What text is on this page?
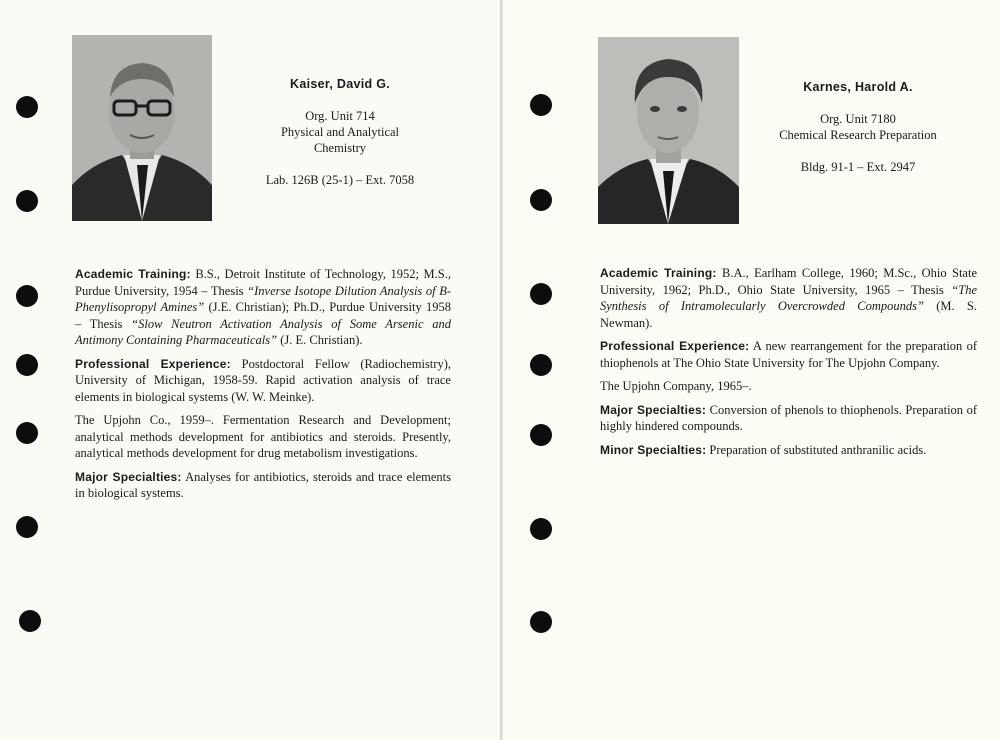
Kaiser, David G.
Org. Unit 714
Physical and Analytical
Chemistry
Lab. 126B (25-1) – Ext. 7058

Academic Training: B.S., Detroit Institute of Technology, 1952; M.S., Purdue University, 1954 – Thesis “Inverse Isotope Dilution Analysis of B-Phenylisopropyl Amines” (J.E. Christian); Ph.D., Purdue University 1958 – Thesis “Slow Neutron Activation Analysis of Some Arsenic and Antimony Containing Pharmaceuticals” (J. E. Christian).

Professional Experience: Postdoctoral Fellow (Radiochemistry), University of Michigan, 1958-59. Rapid activation analysis of trace elements in biological systems (W. W. Meinke).

The Upjohn Co., 1959–. Fermentation Research and Development; analytical methods development for antibiotics and steroids. Presently, analytical methods development for drug metabolism investigations.

Major Specialties: Analyses for antibiotics, steroids and trace elements in biological systems.

Karnes, Harold A.
Org. Unit 7180
Chemical Research Preparation
Bldg. 91-1 – Ext. 2947

Academic Training: B.A., Earlham College, 1960; M.Sc., Ohio State University, 1962; Ph.D., Ohio State University, 1965 – Thesis “The Synthesis of Intramolecularly Overcrowded Compounds” (M. S. Newman).

Professional Experience: A new rearrangement for the preparation of thiophenols at The Ohio State University for The Upjohn Company.

The Upjohn Company, 1965–.

Major Specialties: Conversion of phenols to thiophenols. Preparation of highly hindered compounds.

Minor Specialties: Preparation of substituted anthranilic acids.
